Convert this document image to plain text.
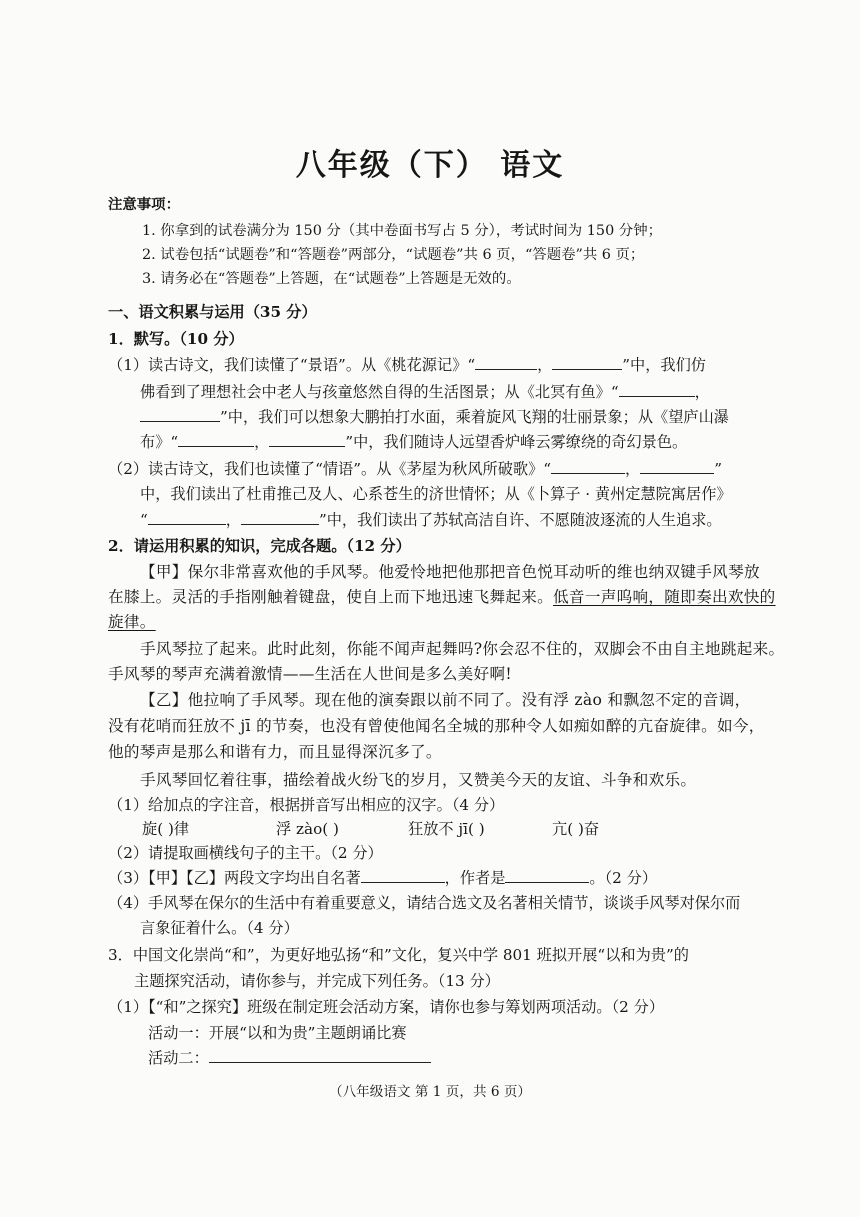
八年级（下） 语文
注意事项：
1. 你拿到的试卷满分为 150 分（其中卷面书写占 5 分），考试时间为 150 分钟；
2. 试卷包括“试题卷”和“答题卷”两部分，“试题卷”共 6 页，“答题卷”共 6 页；
3. 请务必在“答题卷”上答题，在“试题卷”上答题是无效的。
一、语文积累与运用（35 分）
1．默写。（10 分）
（1）读古诗文，我们读懂了“景语”。从《桃花源记》“	，	”中，我们仿
佛看到了理想社会中老人与孩童悠然自得的生活图景；从《北冥有鱼》“	，
”中，我们可以想象大鹏拍打水面，乘着旋风飞翔的壮丽景象；从《望庐山瀑
布》“	，	”中，我们随诗人远望香炉峰云雾缭绕的奇幻景色。
（2）读古诗文，我们也读懂了“情语”。从《茅屋为秋风所破歌》“	，	”
中，我们读出了杜甫推己及人、心系苍生的济世情怀；从《卜算子 · 黄州定慧院寓居作》
“	，	”中，我们读出了苏轼高洁自许、不愿随波逐流的人生追求。
2．请运用积累的知识，完成各题。（12 分）
【甲】保尔非常喜欢他的手风琴。他爱怜地把他那把音色悦耳动听的维也纳双键手风琴放
在膝上。灵活的手指刚触着键盘，使自上而下地迅速飞舞起来。低音一声呜响，随即奏出欢快的
旋律。
手风琴拉了起来。此时此刻，你能不闻声起舞吗?你会忍不住的，双脚会不由自主地跳起来。
手风琴的琴声充满着激情——生活在人世间是多么美好啊!
【乙】他拉响了手风琴。现在他的演奏跟以前不同了。没有浮 zào 和飘忽不定的音调，
没有花哨而狂放不 jī 的节奏，也没有曾使他闻名全城的那种令人如痴如醉的亢奋旋律。如今，
他的琴声是那么和谐有力，而且显得深沉多了。
手风琴回忆着往事，描绘着战火纷飞的岁月，又赞美今天的友谊、斗争和欢乐。
（1）给加点的字注音，根据拼音写出相应的汉字。（4 分）
旋( )律	浮 zào( )	狂放不 jī( )	亢( )奋
（2）请提取画横线句子的主干。（2 分）
（3）【甲】【乙】两段文字均出自名著	，作者是	。（2 分）
（4）手风琴在保尔的生活中有着重要意义，请结合选文及名著相关情节，谈谈手风琴对保尔而
言象征着什么。（4 分）
3．中国文化崇尚“和”，为更好地弘扬“和”文化，复兴中学 801 班拟开展“以和为贵”的
主题探究活动，请你参与，并完成下列任务。（13 分）
（1）【“和”之探究】班级在制定班会活动方案，请你也参与筹划两项活动。（2 分）
活动一：开展“以和为贵”主题朗诵比赛
活动二：
（八年级语文 第 1 页，共 6 页）
